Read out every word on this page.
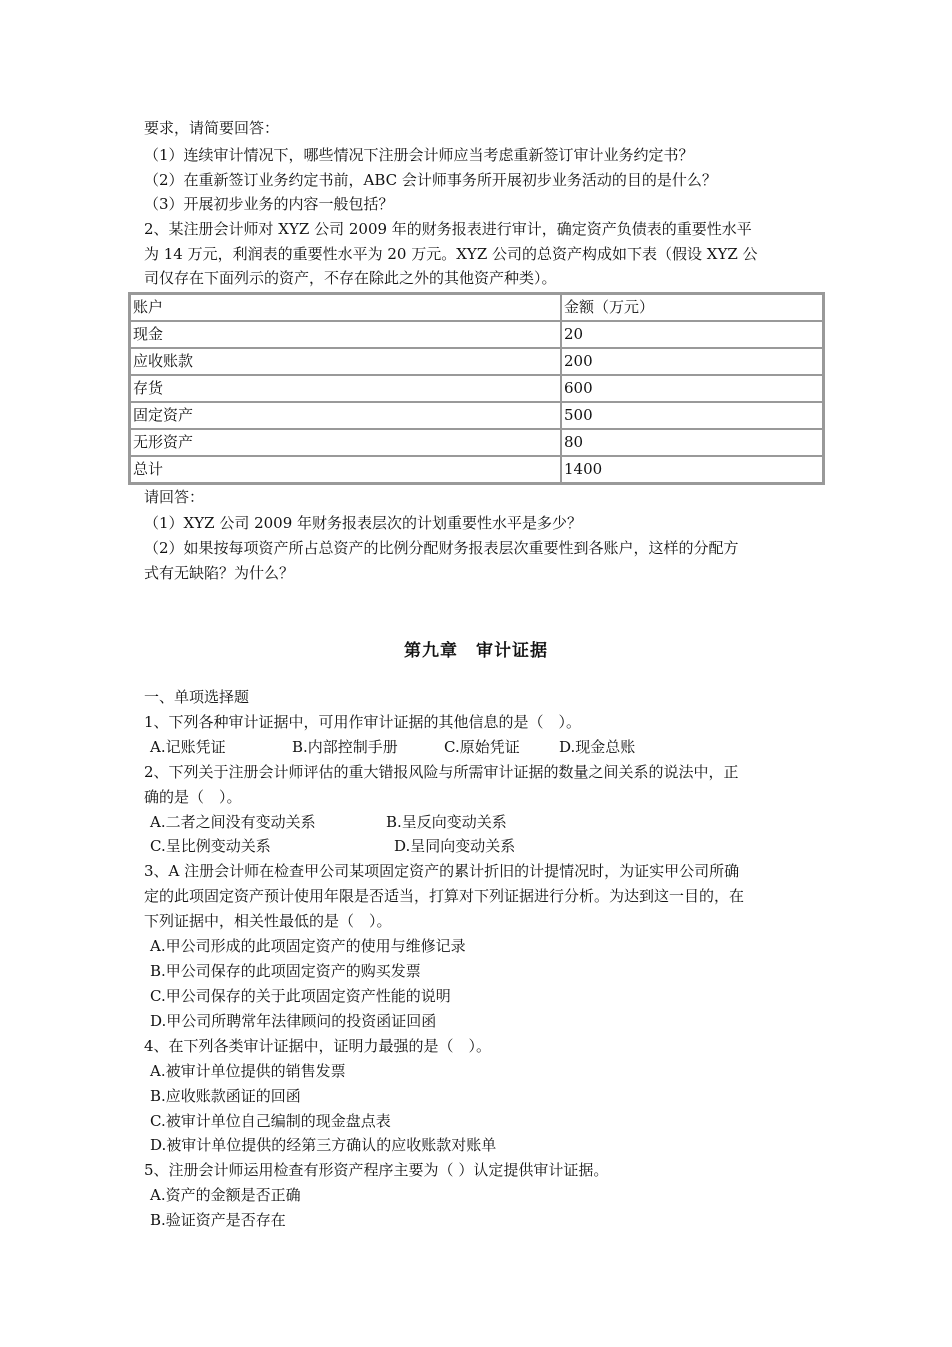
要求，请简要回答：
（1）连续审计情况下，哪些情况下注册会计师应当考虑重新签订审计业务约定书？
（2）在重新签订业务约定书前，ABC 会计师事务所开展初步业务活动的目的是什么？
（3）开展初步业务的内容一般包括？
2、某注册会计师对 XYZ 公司 2009 年的财务报表进行审计，确定资产负债表的重要性水平
为 14 万元，利润表的重要性水平为 20 万元。XYZ 公司的总资产构成如下表（假设 XYZ 公
司仅存在下面列示的资产，不存在除此之外的其他资产种类）。
账户	金额（万元）
现金	20
应收账款	200
存货	600
固定资产	500
无形资产	80
总计	1400
请回答：
（1）XYZ 公司 2009 年财务报表层次的计划重要性水平是多少？
（2）如果按每项资产所占总资产的比例分配财务报表层次重要性到各账户，这样的分配方
式有无缺陷？为什么？
第九章　审计证据
一、单项选择题
1、下列各种审计证据中，可用作审计证据的其他信息的是（　）。
A.记账凭证	B.内部控制手册	C.原始凭证	D.现金总账
2、下列关于注册会计师评估的重大错报风险与所需审计证据的数量之间关系的说法中，正
确的是（　）。
A.二者之间没有变动关系	B.呈反向变动关系
C.呈比例变动关系	D.呈同向变动关系
3、A 注册会计师在检查甲公司某项固定资产的累计折旧的计提情况时，为证实甲公司所确
定的此项固定资产预计使用年限是否适当，打算对下列证据进行分析。为达到这一目的，在
下列证据中，相关性最低的是（　）。
A.甲公司形成的此项固定资产的使用与维修记录
B.甲公司保存的此项固定资产的购买发票
C.甲公司保存的关于此项固定资产性能的说明
D.甲公司所聘常年法律顾问的投资函证回函
4、在下列各类审计证据中，证明力最强的是（　）。
A.被审计单位提供的销售发票
B.应收账款函证的回函
C.被审计单位自己编制的现金盘点表
D.被审计单位提供的经第三方确认的应收账款对账单
5、注册会计师运用检查有形资产程序主要为（ ）认定提供审计证据。
A.资产的金额是否正确
B.验证资产是否存在
